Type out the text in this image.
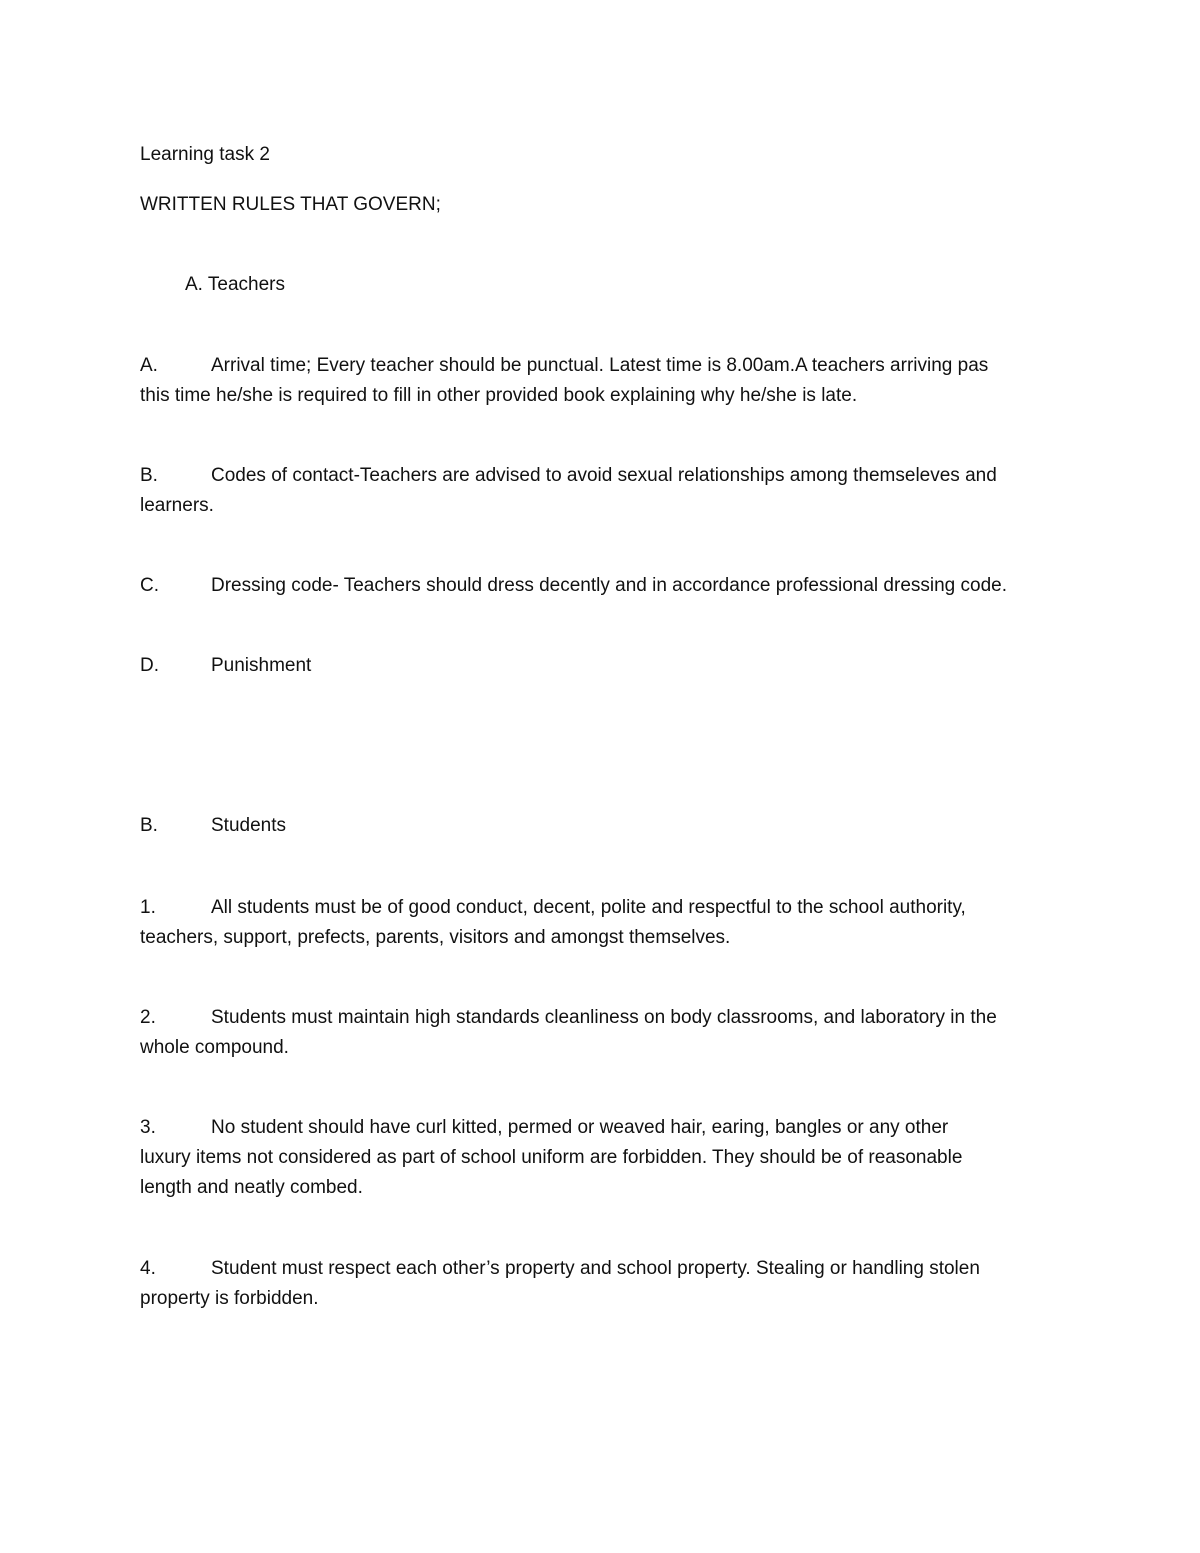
Learning task 2
WRITTEN RULES THAT GOVERN;
A. Teachers
A.	Arrival time; Every teacher should be punctual. Latest time is 8.00am.A teachers arriving pas
this time he/she is required to fill in other provided book explaining why he/she is late.
B.	Codes of contact-Teachers are advised to avoid sexual relationships among themseleves and
learners.
C.	Dressing code- Teachers should dress decently and in accordance professional dressing code.
D.	Punishment
B.	Students
1.	All students must be of good conduct, decent, polite and respectful to the school authority,
teachers, support, prefects, parents, visitors and amongst themselves.
2.	Students must maintain high standards cleanliness on body classrooms, and laboratory in the
whole compound.
3.	No student should have curl kitted, permed or weaved hair, earing, bangles or any other
luxury items not considered as part of school uniform are forbidden. They should be of reasonable
length and neatly combed.
4.	Student must respect each other’s property and school property. Stealing or handling stolen
property is forbidden.
